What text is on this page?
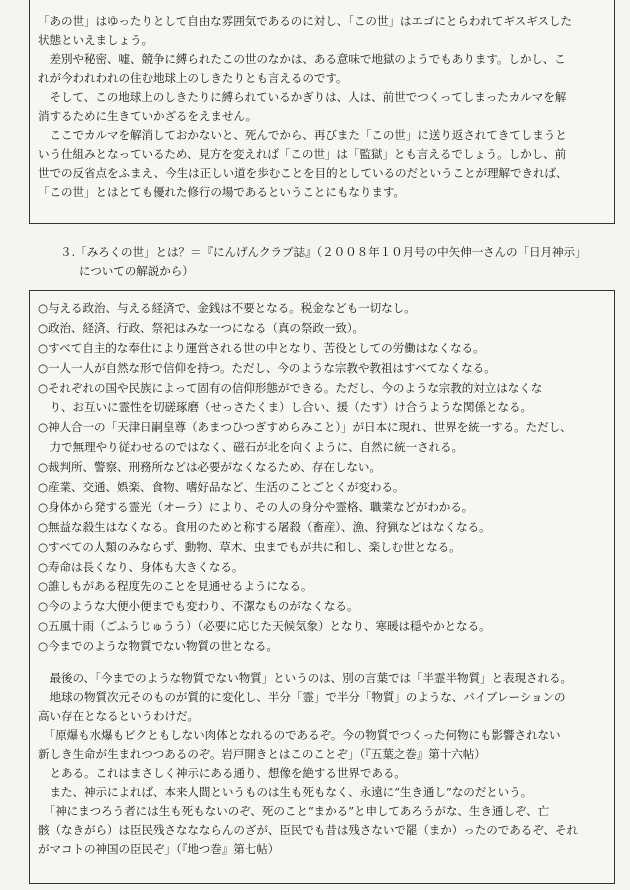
「あの世」はゆったりとして自由な雰囲気であるのに対し、「この世」はエゴにとらわれてギスギスした
状態といえましょう。
　差別や秘密、嘘、競争に縛られたこの世のなかは、ある意味で地獄のようでもあります。しかし、こ
れが今われわれの住む地球上のしきたりとも言えるのです。
　そして、この地球上のしきたりに縛られているかぎりは、人は、前世でつくってしまったカルマを解
消するために生きていかざるをえません。
　ここでカルマを解消しておかないと、死んでから、再びまた「この世」に送り返されてきてしまうと
いう仕組みとなっているため、見方を変えれば「この世」は「監獄」とも言えるでしょう。しかし、前
世での反省点をふまえ、今生は正しい道を歩むことを目的としているのだということが理解できれば、
「この世」とはとても優れた修行の場であるということにもなります。
３.「みろくの世」とは？＝『にんげんクラブ誌』（２００８年１０月号の中矢伸一さんの「日月神示」
についての解説から）
○与える政治、与える経済で、金銭は不要となる。税金なども一切なし。
○政治、経済、行政、祭祀はみな一つになる（真の祭政一致）。
○すべて自主的な奉仕により運営される世の中となり、苦役としての労働はなくなる。
○一人一人が自然な形で信仰を持つ。ただし、今のような宗教や教祖はすべてなくなる。
○それぞれの国や民族によって固有の信仰形態ができる。ただし、今のような宗教的対立はなくな
　り、お互いに霊性を切磋琢磨（せっさたくま）し合い、援（たす）け合うような関係となる。
○神人合一の「天津日嗣皇尊（あまつひつぎすめらみこと）」が日本に現れ、世界を統一する。ただし、
　力で無理やり従わせるのではなく、磁石が北を向くように、自然に統一される。
○裁判所、警察、刑務所などは必要がなくなるため、存在しない。
○産業、交通、娯楽、食物、嗜好品など、生活のことごとくが変わる。
○身体から発する霊光（オーラ）により、その人の身分や霊格、職業などがわかる。
○無益な殺生はなくなる。食用のためと称する屠殺（畜産）、漁、狩猟などはなくなる。
○すべての人類のみならず、動物、草木、虫までもが共に和し、楽しむ世となる。
○寿命は長くなり、身体も大きくなる。
○誰しもがある程度先のことを見通せるようになる。
○今のような大便小便までも変わり、不潔なものがなくなる。
○五風十雨（ごふうじゅうう）（必要に応じた天候気象）となり、寒暖は穏やかとなる。
○今までのような物質でない物質の世となる。
　最後の、「今までのような物質でない物質」というのは、別の言葉では「半霊半物質」と表現される。
　地球の物質次元そのものが質的に変化し、半分「霊」で半分「物質」のような、バイブレーションの
高い存在となるというわけだ。
　「原爆も水爆もビクともしない肉体となれるのであるぞ。今の物質でつくった何物にも影響されない
新しき生命が生まれつつあるのぞ。岩戸開きとはこのことぞ」（『五葉之巻』第十六帖）
　とある。これはまさしく神示にある通り、想像を絶する世界である。
　また、神示によれば、本来人間というものは生も死もなく、永遠に“生き通し”なのだという。
　「神にまつろう者には生も死もないのぞ、死のこと“まかる”と申してあろうがな、生き通しぞ、亡
骸（なきがら）は臣民残さななならんのざが、臣民でも昔は残さないで罷（まか）ったのであるぞ、それ
がマコトの神国の臣民ぞ」（『地つ巻』第七帖）
